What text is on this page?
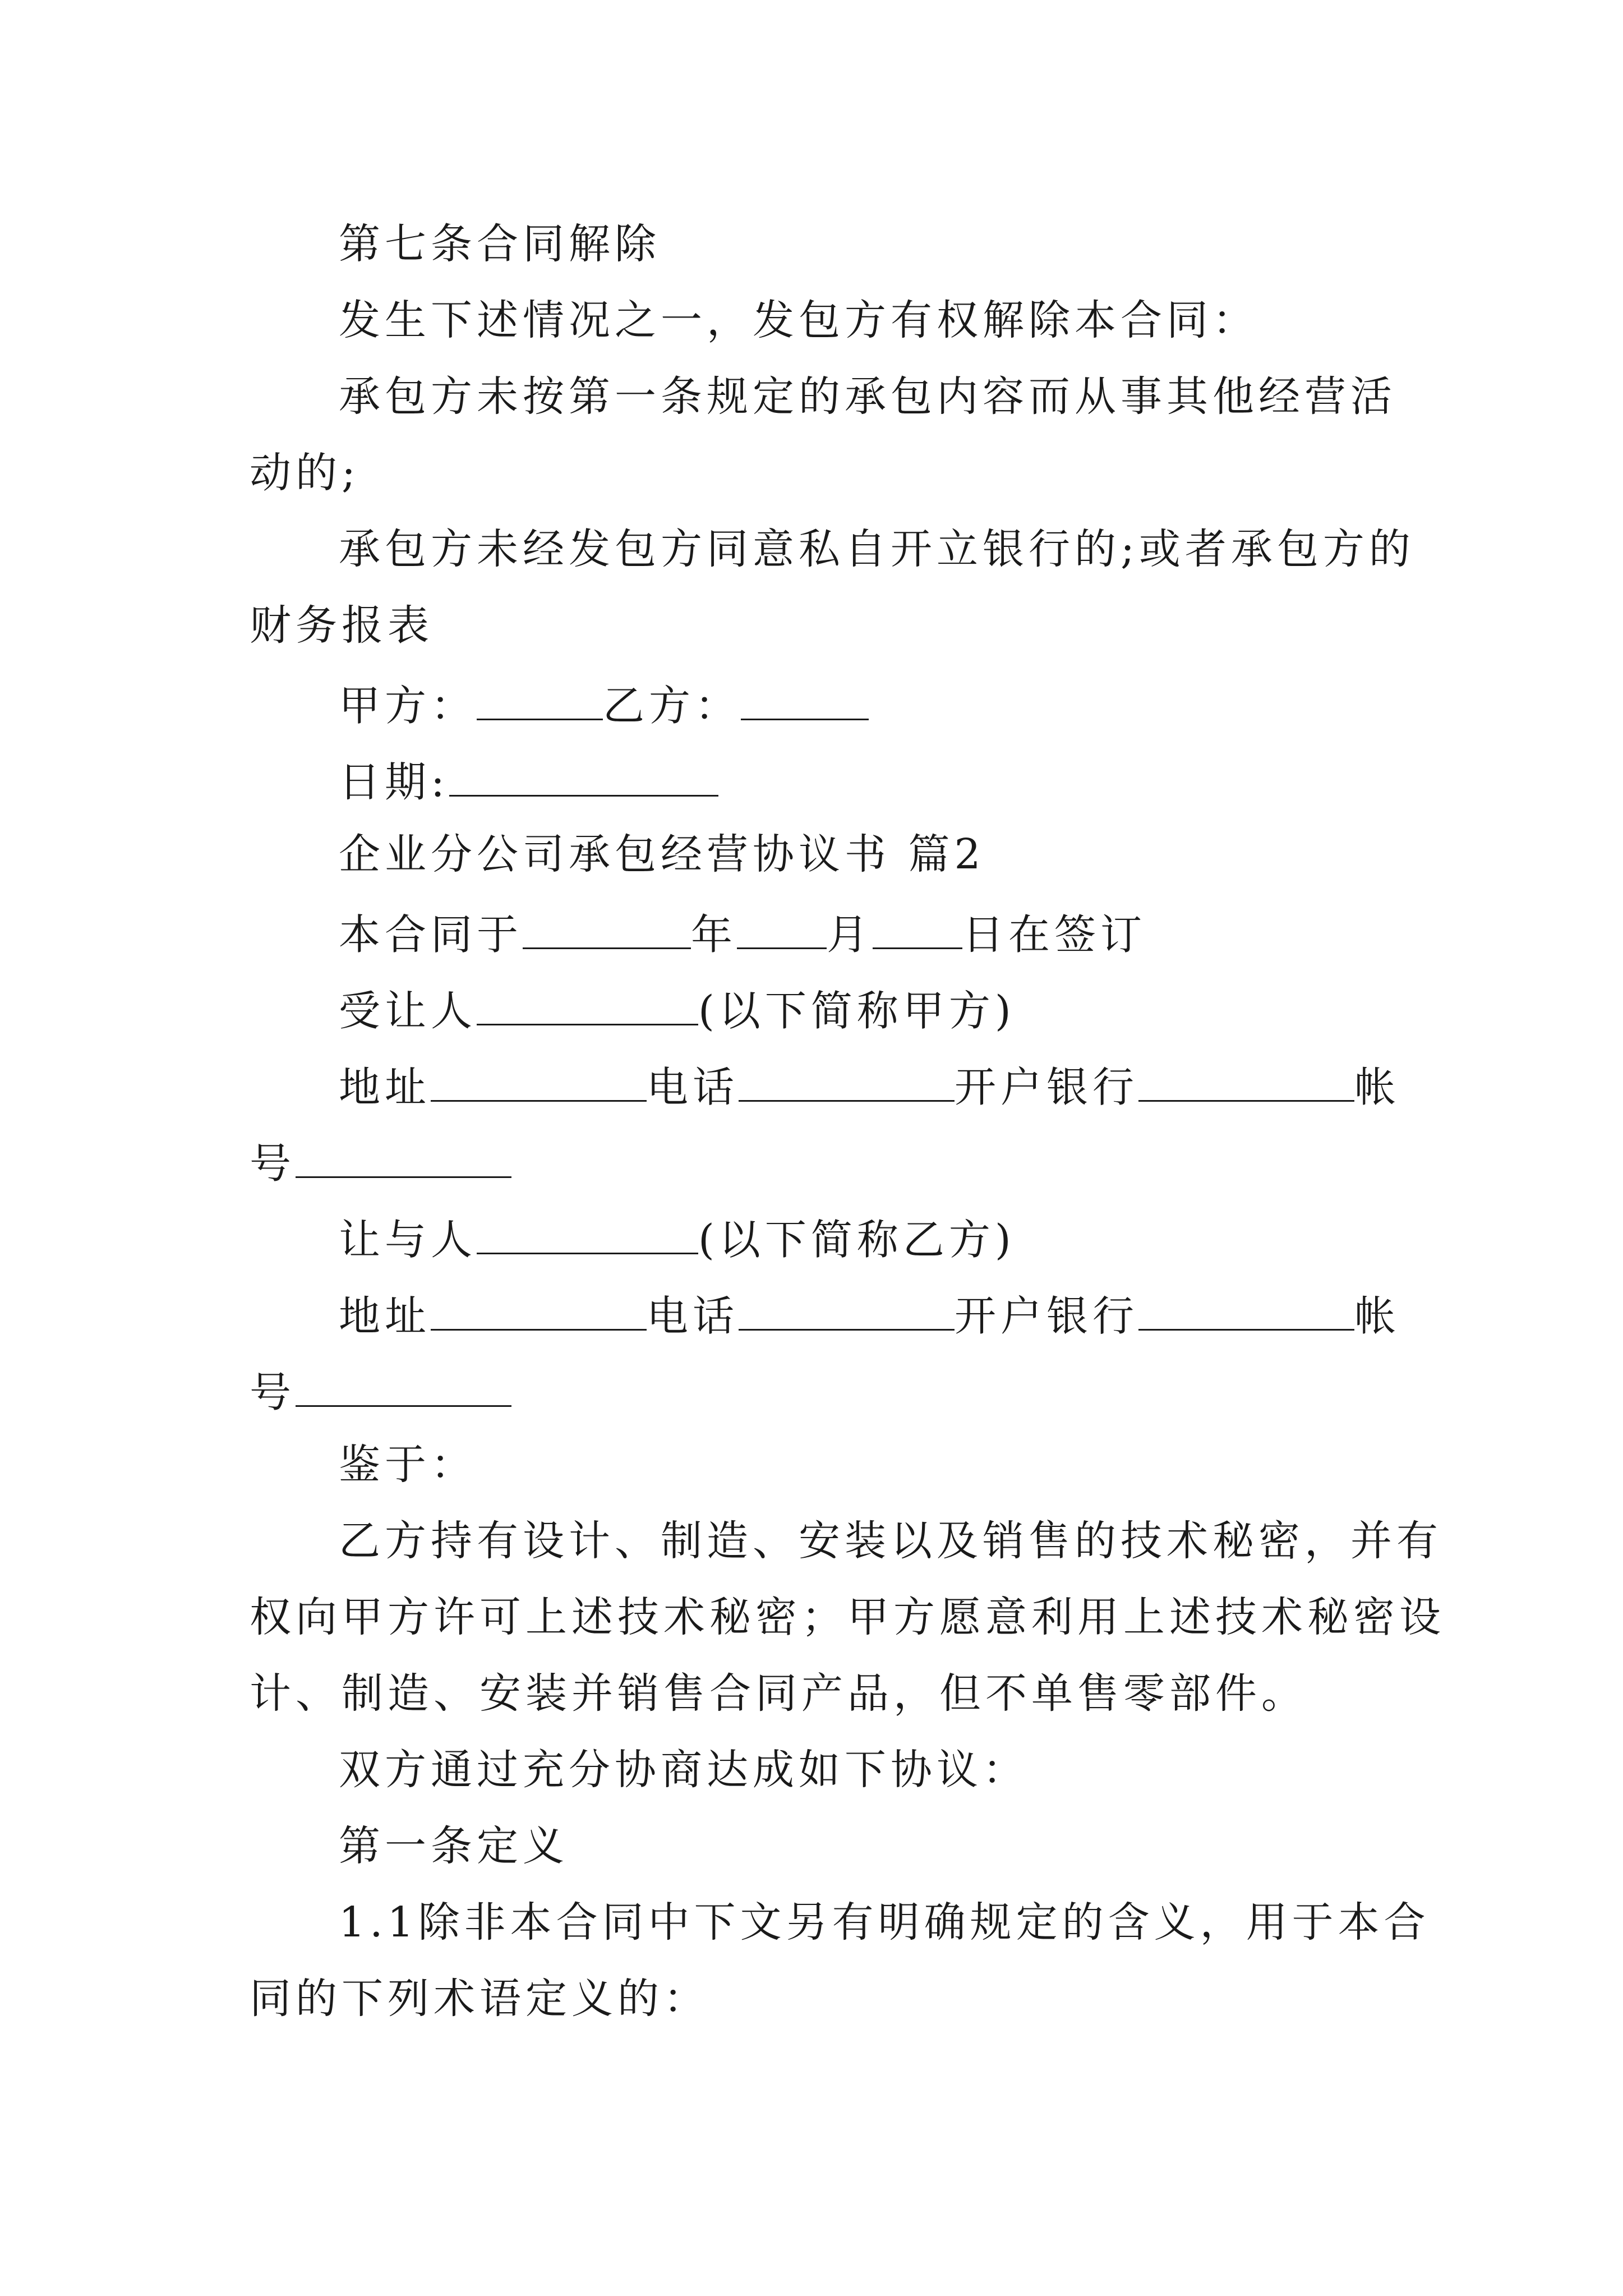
第七条合同解除
发生下述情况之一，发包方有权解除本合同：
承包方未按第一条规定的承包内容而从事其他经营活
动的;
承包方未经发包方同意私自开立银行的;或者承包方的
财务报表
甲方：	乙方：
日期:
企业分公司承包经营协议书 篇2
本合同于	年 月 日在签订
受让人	(以下简称甲方)
地址	电话	开户银行	帐
号
让与人	(以下简称乙方)
地址	电话	开户银行	帐
号
鉴于：
乙方持有设计、制造、安装以及销售的技术秘密，并有
权向甲方许可上述技术秘密；甲方愿意利用上述技术秘密设
计、制造、安装并销售合同产品，但不单售零部件。
双方通过充分协商达成如下协议：
第一条定义
1.1除非本合同中下文另有明确规定的含义，用于本合
同的下列术语定义的：
